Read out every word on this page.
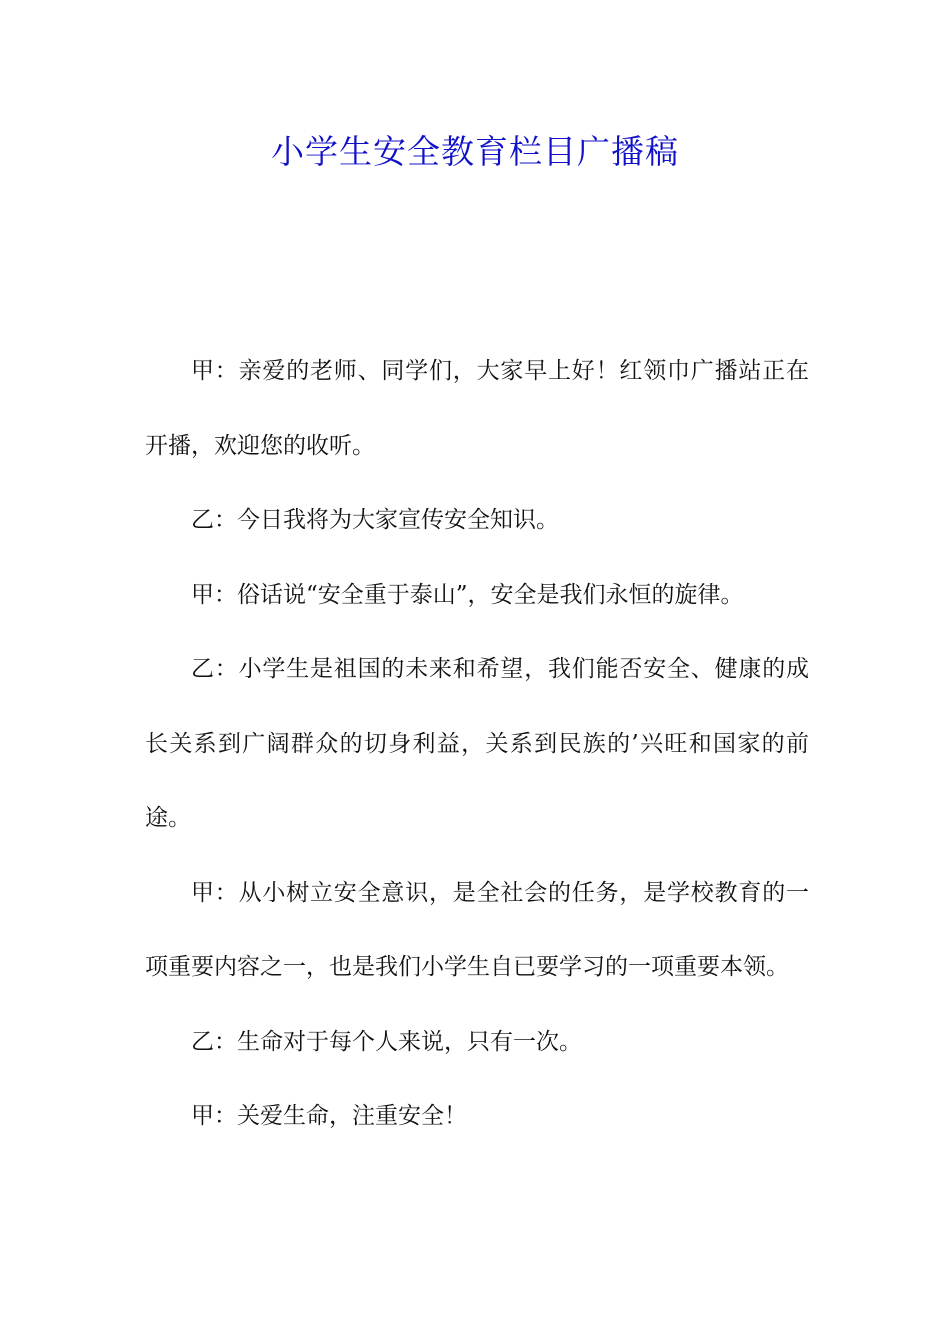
小学生安全教育栏目广播稿

甲：亲爱的老师、同学们，大家早上好！红领巾广播站正在开播，欢迎您的收听。

乙：今日我将为大家宣传安全知识。

甲：俗话说“安全重于泰山”，安全是我们永恒的旋律。

乙：小学生是祖国的未来和希望，我们能否安全、健康的成长关系到广阔群众的切身利益，关系到民族的’兴旺和国家的前途。

甲：从小树立安全意识，是全社会的任务，是学校教育的一项重要内容之一，也是我们小学生自已要学习的一项重要本领。

乙：生命对于每个人来说，只有一次。

甲：关爱生命，注重安全！
